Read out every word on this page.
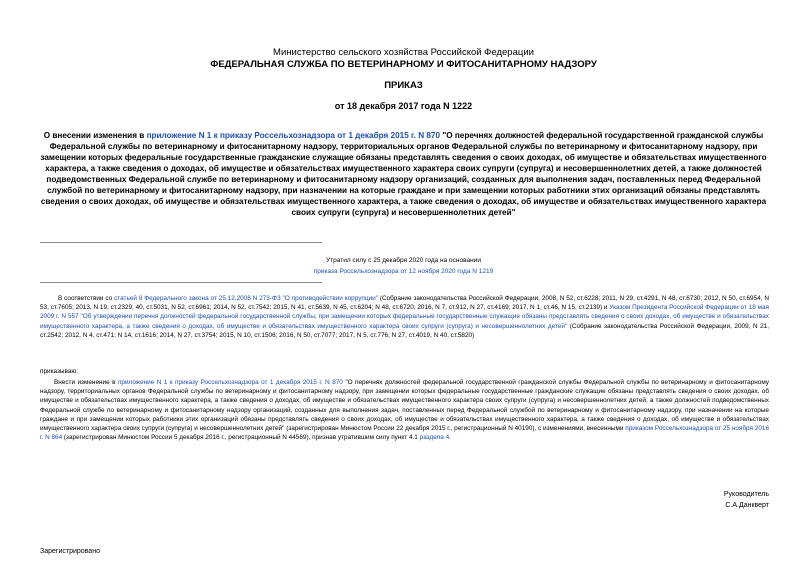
Министерство сельского хозяйства Российской Федерации
ФЕДЕРАЛЬНАЯ СЛУЖБА ПО ВЕТЕРИНАРНОМУ И ФИТОСАНИТАРНОМУ НАДЗОРУ
ПРИКАЗ
от 18 декабря 2017 года N 1222
О внесении изменения в приложение N 1 к приказу Россельхознадзора от 1 декабря 2015 г. N 870 "О перечнях должностей федеральной государственной гражданской службы Федеральной службы по ветеринарному и фитосанитарному надзору, территориальных органов Федеральной службы по ветеринарному и фитосанитарному надзору, при замещении которых федеральные государственные гражданские служащие обязаны представлять сведения о своих доходах, об имуществе и обязательствах имущественного характера, а также сведения о доходах, об имуществе и обязательствах имущественного характера своих супруги (супруга) и несовершеннолетних детей, а также должностей подведомственных Федеральной службе по ветеринарному и фитосанитарному надзору организаций, созданных для выполнения задач, поставленных перед Федеральной службой по ветеринарному и фитосанитарному надзору, при назначении на которые граждане и при замещении которых работники этих организаций обязаны представлять сведения о своих доходах, об имуществе и обязательствах имущественного характера, а также сведения о доходах, об имуществе и обязательствах имущественного характера своих супруги (супруга) и несовершеннолетних детей"
Утратил силу с 25 декабря 2020 года на основании
приказа Россельхознадзора от 12 ноября 2020 года N 1219
В соответствии со статьей 8 Федерального закона от 25.12.2008 N 273-ФЗ "О противодействии коррупции" (Собрание законодательства Российской Федерации, 2008, N 52, ст.6228; 2011, N 29, ст.4291, N 48, ст.6730; 2012, N 50, ст.6954, N 53, ст.7605; 2013, N 19, ст.2329, 40, ст.5031, N 52, ст.6961; 2014, N 52, ст.7542; 2015, N 41, ст.5639, N 45, ст.6204; N 48, ст.6720; 2016, N 7, ст.912, N 27, ст.4169; 2017, N 1, ст.46, N 15, ст.2139) и Указом Президента Российской Федерации от 18 мая 2009 г. N 557 "Об утверждении перечня должностей федеральной государственной службы, при замещении которых федеральные государственные служащие обязаны представлять сведения о своих доходах, об имуществе и обязательствах имущественного характера, а также сведения о доходах, об имуществе и обязательствах имущественного характера своих супруги (супруга) и несовершеннолетних детей" (Собрание законодательства Российской Федерации, 2009, N 21, ст.2542; 2012, N 4, ст.471; N 14, ст.1616; 2014, N 27, ст.3754; 2015, N 10, ст.1506; 2016, N 50, ст.7077; 2017, N 5, ст.776, N 27, ст.4019, N 40, ст.5820)
приказываю:
Внести изменение в приложение N 1 к приказу Россельхознадзора от 1 декабря 2015 г. N 870 "О перечнях должностей федеральной государственной гражданской службы Федеральной службы по ветеринарному и фитосанитарному надзору, территориальных органов Федеральной службы по ветеринарному и фитосанитарному надзору, при замещении которых федеральные государственные гражданские служащие обязаны представлять сведения о своих доходах, об имуществе и обязательствах имущественного характера, а также сведения о доходах, об имуществе и обязательствах имущественного характера своих супруги (супруга) и несовершеннолетних детей, а также должностей подведомственных Федеральной службе по ветеринарному и фитосанитарному надзору организаций, созданных для выполнения задач, поставленных перед Федеральной службой по ветеринарному и фитосанитарному надзору, при назначении на которые граждане и при замещении которых работники этих организаций обязаны представлять сведения о своих доходах, об имуществе и обязательствах имущественного характера, а также сведения о доходах, об имуществе и обязательствах имущественного характера своих супруги (супруга) и несовершеннолетних детей" (зарегистрирован Минюстом России 22 декабря 2015 г., регистрационный N 40190), с изменениями, внесенными приказом Россельхознадзора от 25 ноября 2016 г. N 864 (зарегистрирован Минюстом России 5 декабря 2016 г., регистрационный N 44569), признав утратившим силу пункт 4.1 раздела 4.
Руководитель
С.А.Данкверт
Зарегистрировано
